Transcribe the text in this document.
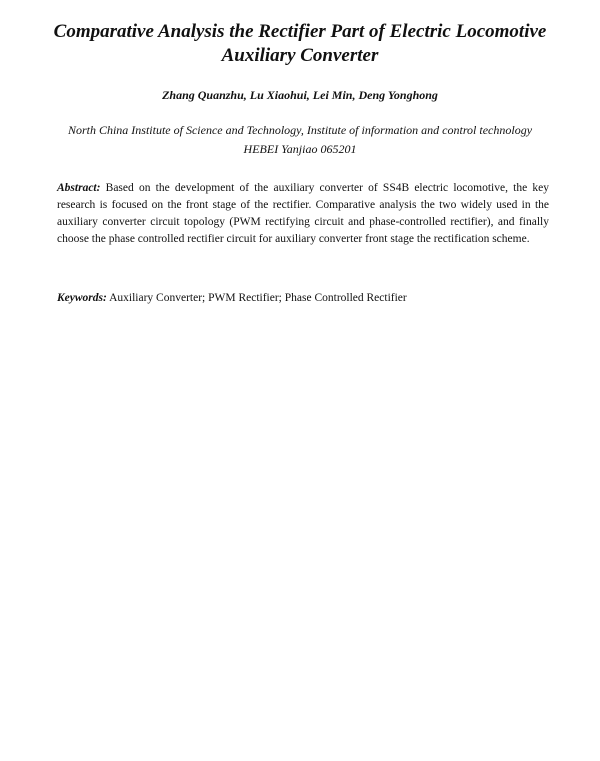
Comparative Analysis the Rectifier Part of Electric Locomotive
Auxiliary Converter
Zhang Quanzhu, Lu Xiaohui, Lei Min, Deng Yonghong
North China Institute of Science and Technology, Institute of information and control technology
HEBEI Yanjiao 065201
Abstract: Based on the development of the auxiliary converter of SS4B electric locomotive, the key research is focused on the front stage of the rectifier. Comparative analysis the two widely used in the auxiliary converter circuit topology (PWM rectifying circuit and phase-controlled rectifier), and finally choose the phase controlled rectifier circuit for auxiliary converter front stage the rectification scheme.
Keywords: Auxiliary Converter; PWM Rectifier; Phase Controlled Rectifier
